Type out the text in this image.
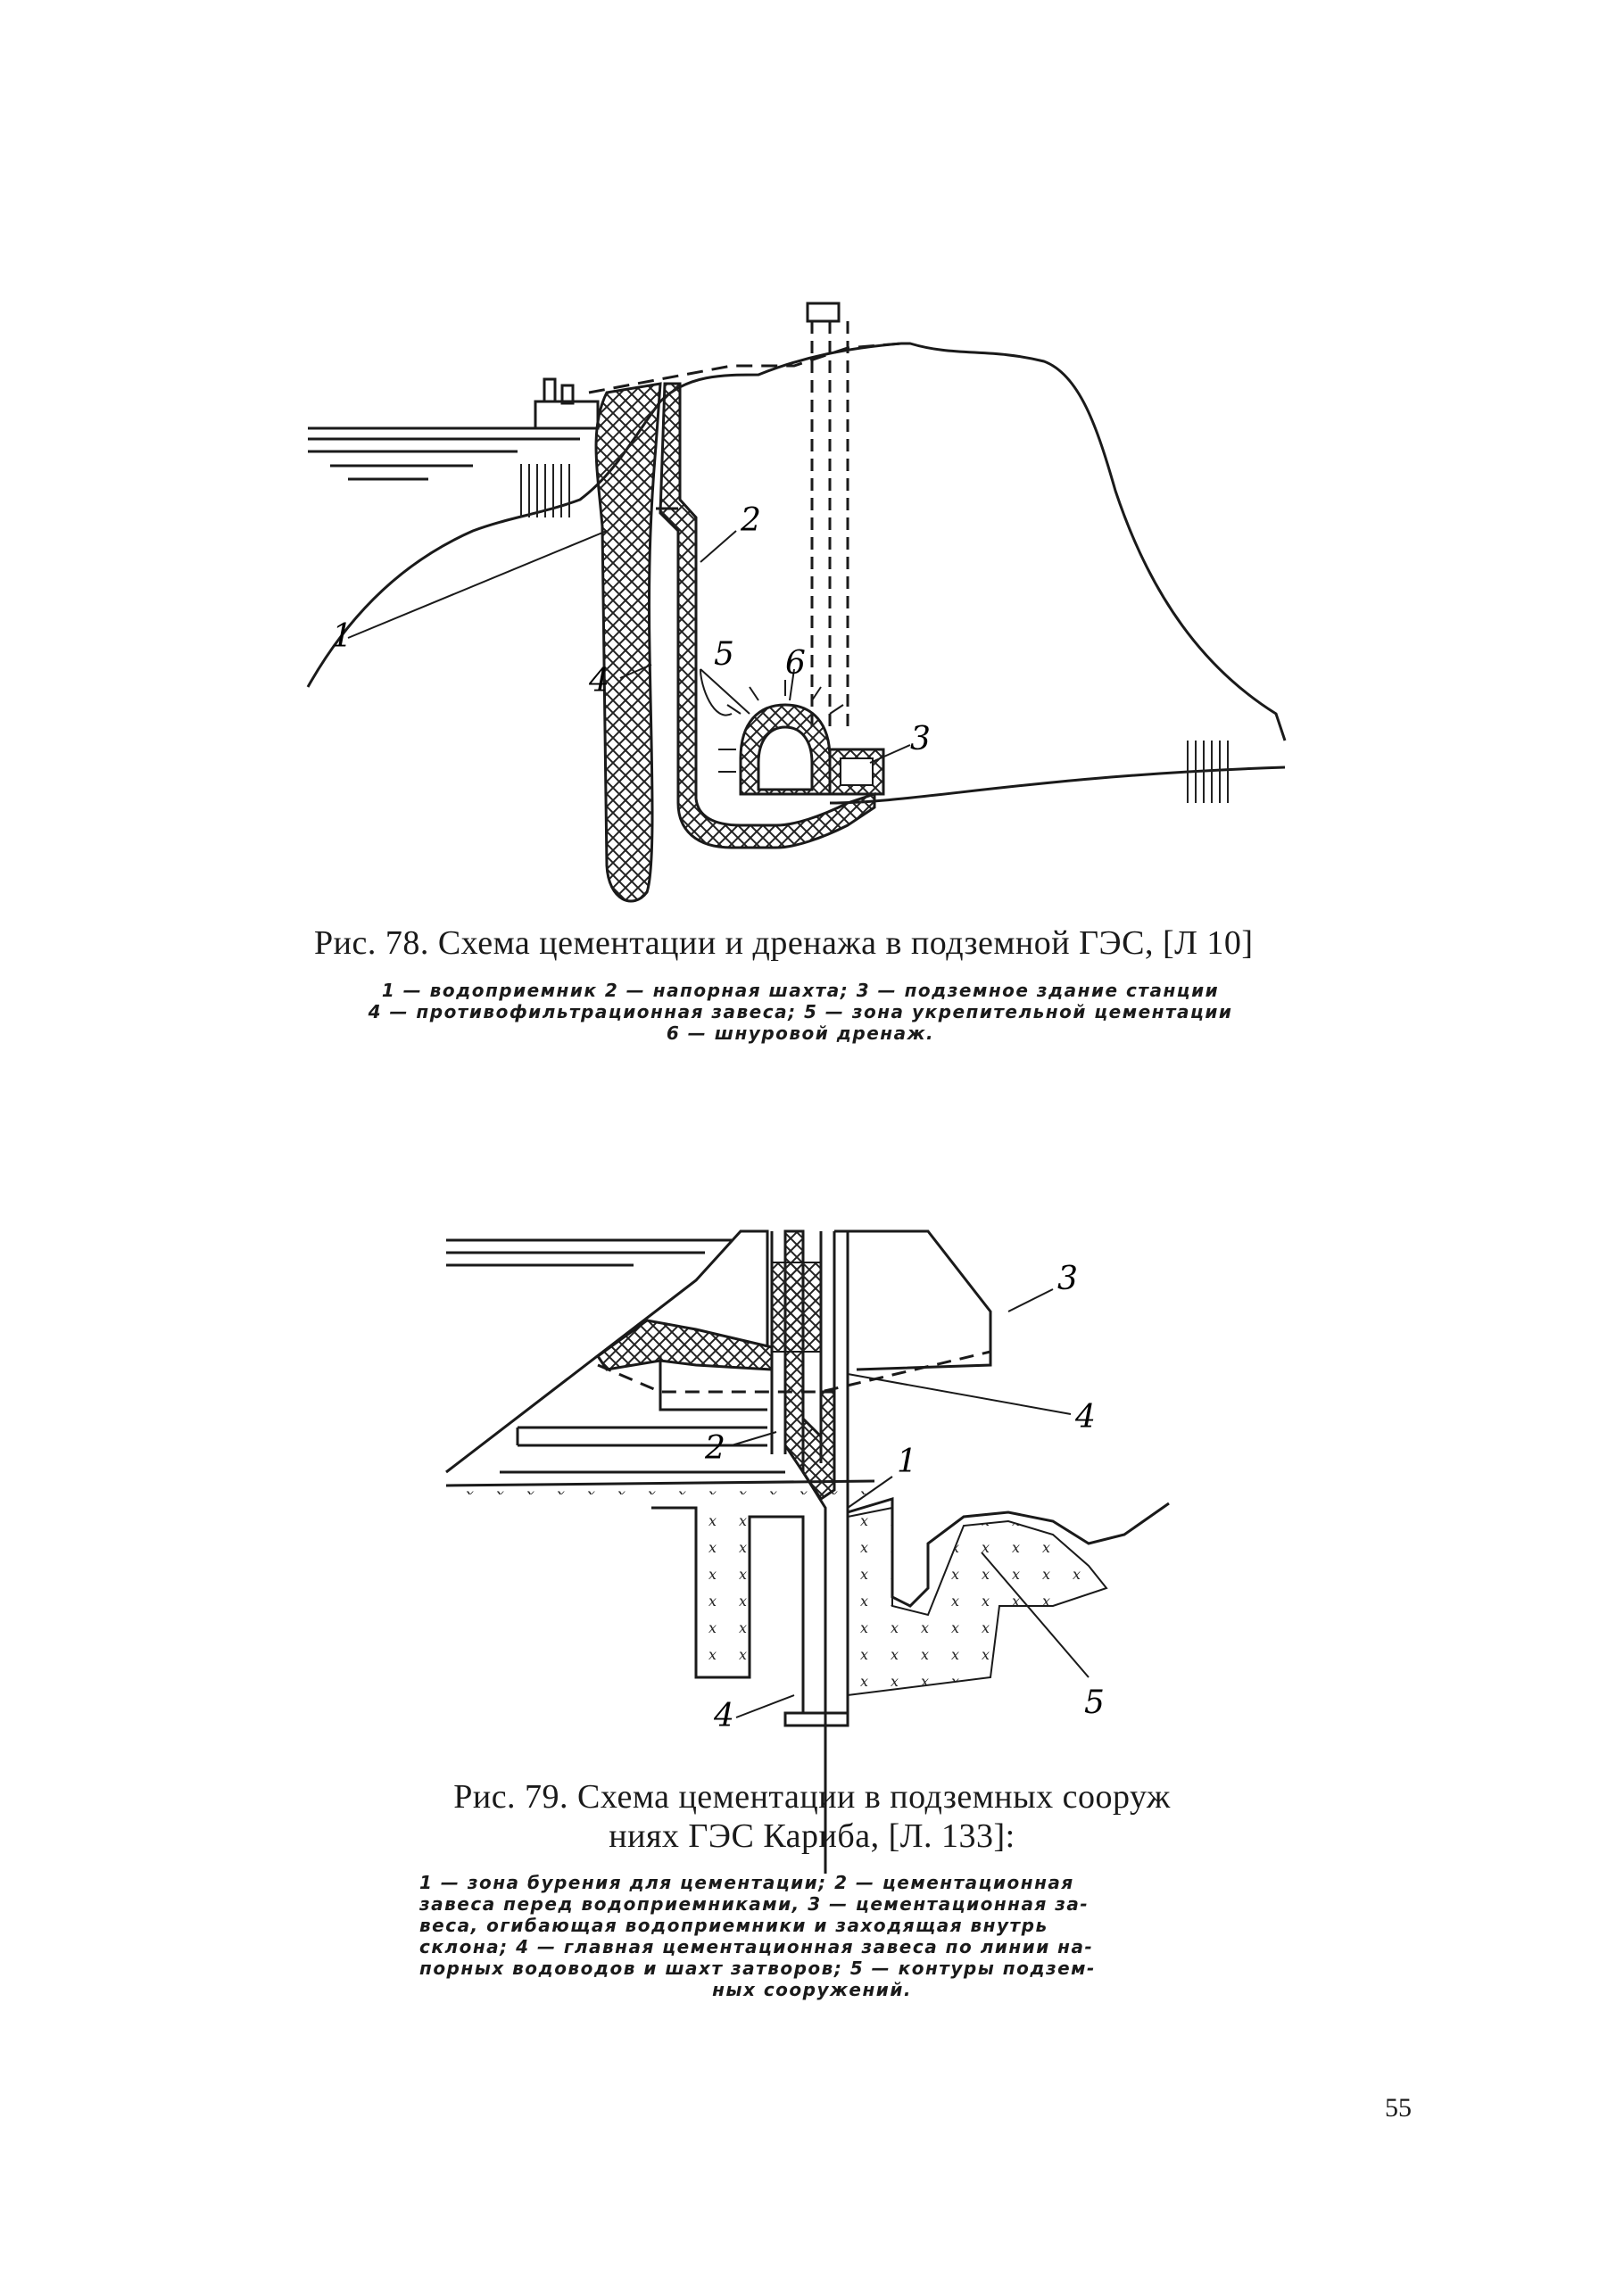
1
2
3
4
5 6
Рис. 78. Схема цементации и дренажа в подземной ГЭС, [Л 10]
1 — водоприемник 2 — напорная шахта; 3 — подземное здание станции
4 — противофильтрационная завеса; 5 — зона укрепительной цементации
6 — шнуровой дренаж.
1
2
3
4
4	5
Рис. 79. Схема цементации в подземных сооруж
ниях ГЭС Кариба, [Л. 133]:
1 — зона бурения для цементации; 2 — цементационная
завеса перед водоприемниками, 3 — цементационная за-
веса, огибающая водоприемники и заходящая внутрь
склона; 4 — главная цементационная завеса по линии на-
порных водоводов и шахт затворов; 5 — контуры подзем-
ных сооружений.
55
